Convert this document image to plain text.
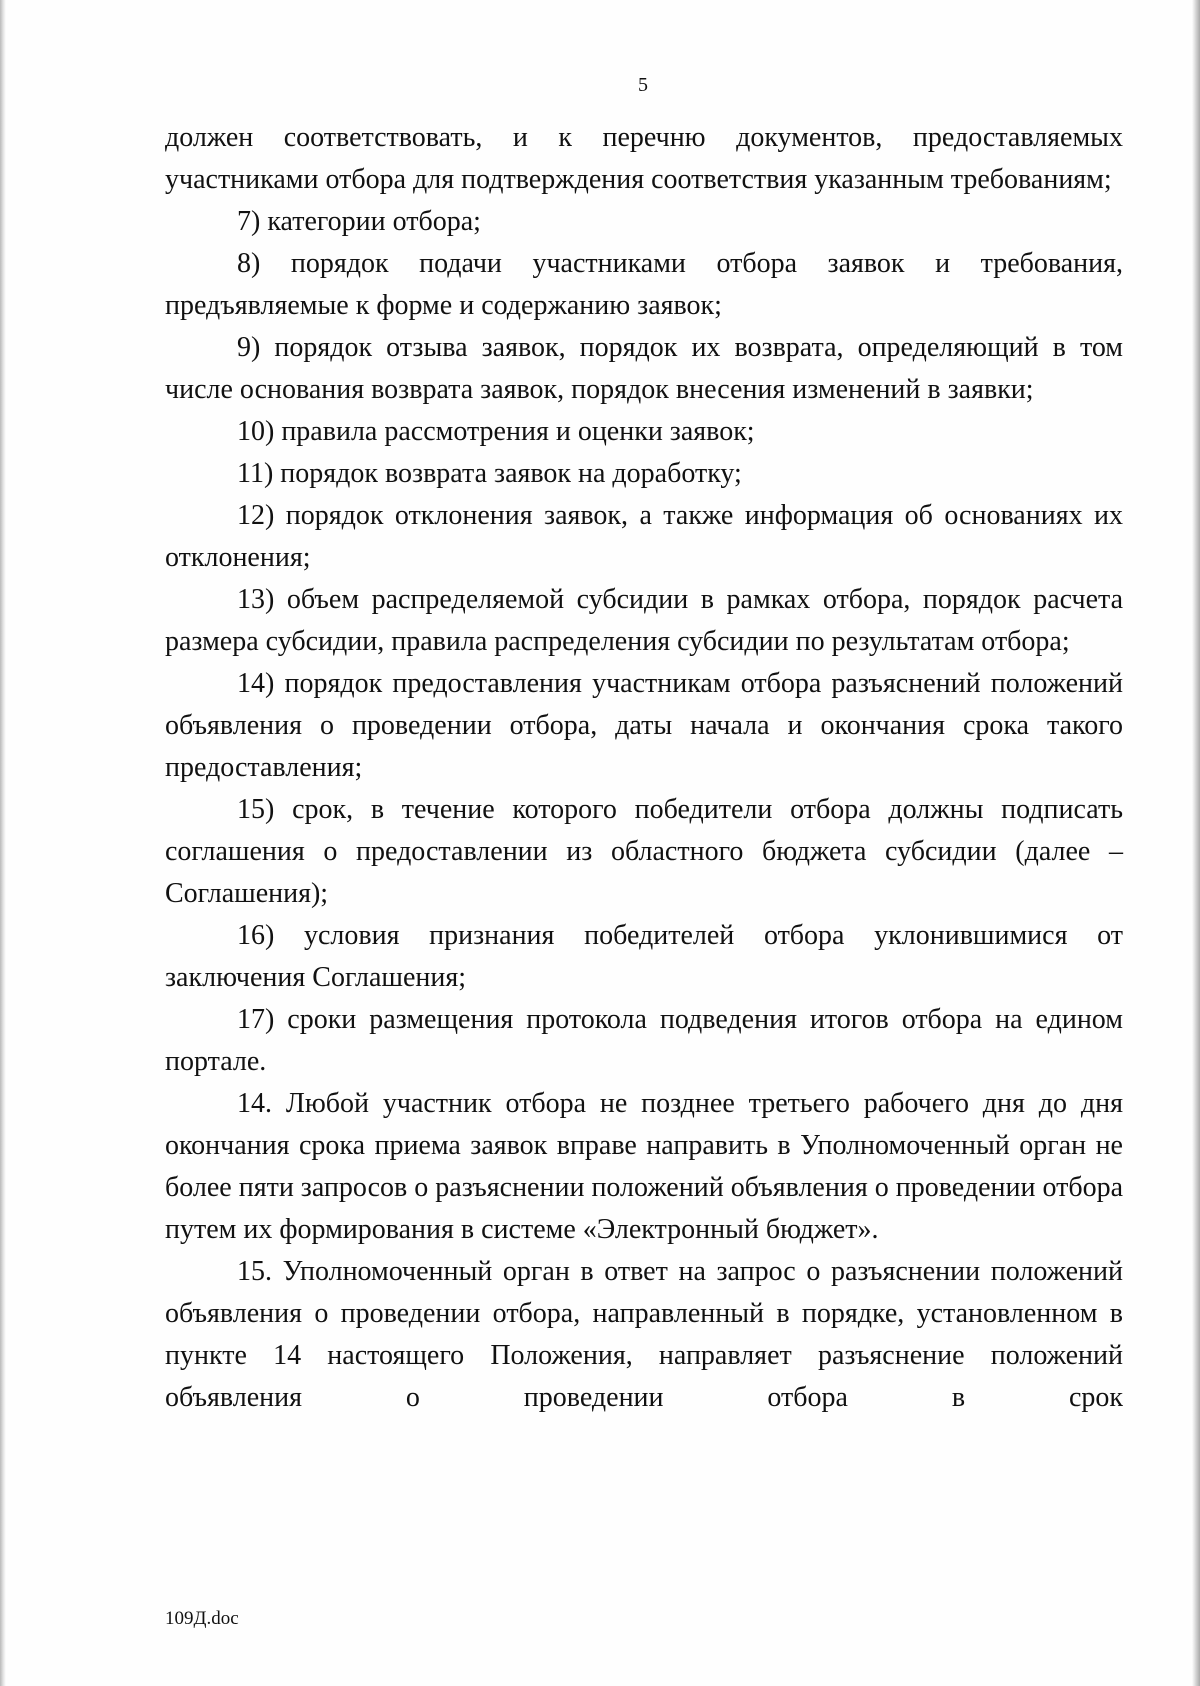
5

должен соответствовать, и к перечню документов, предоставляемых участниками отбора для подтверждения соответствия указанным требованиям;

7) категории отбора;

8) порядок подачи участниками отбора заявок и требования, предъявляемые к форме и содержанию заявок;

9) порядок отзыва заявок, порядок их возврата, определяющий в том числе основания возврата заявок, порядок внесения изменений в заявки;

10) правила рассмотрения и оценки заявок;

11) порядок возврата заявок на доработку;

12) порядок отклонения заявок, а также информация об основаниях их отклонения;

13) объем распределяемой субсидии в рамках отбора, порядок расчета размера субсидии, правила распределения субсидии по результатам отбора;

14) порядок предоставления участникам отбора разъяснений положений объявления о проведении отбора, даты начала и окончания срока такого предоставления;

15) срок, в течение которого победители отбора должны подписать соглашения о предоставлении из областного бюджета субсидии (далее – Соглашения);

16) условия признания победителей отбора уклонившимися от заключения Соглашения;

17) сроки размещения протокола подведения итогов отбора на едином портале.

14. Любой участник отбора не позднее третьего рабочего дня до дня окончания срока приема заявок вправе направить в Уполномоченный орган не более пяти запросов о разъяснении положений объявления о проведении отбора путем их формирования в системе «Электронный бюджет».

15. Уполномоченный орган в ответ на запрос о разъяснении положений объявления о проведении отбора, направленный в порядке, установленном в пункте 14 настоящего Положения, направляет разъяснение положений объявления о проведении отбора в срок

109Д.doc
